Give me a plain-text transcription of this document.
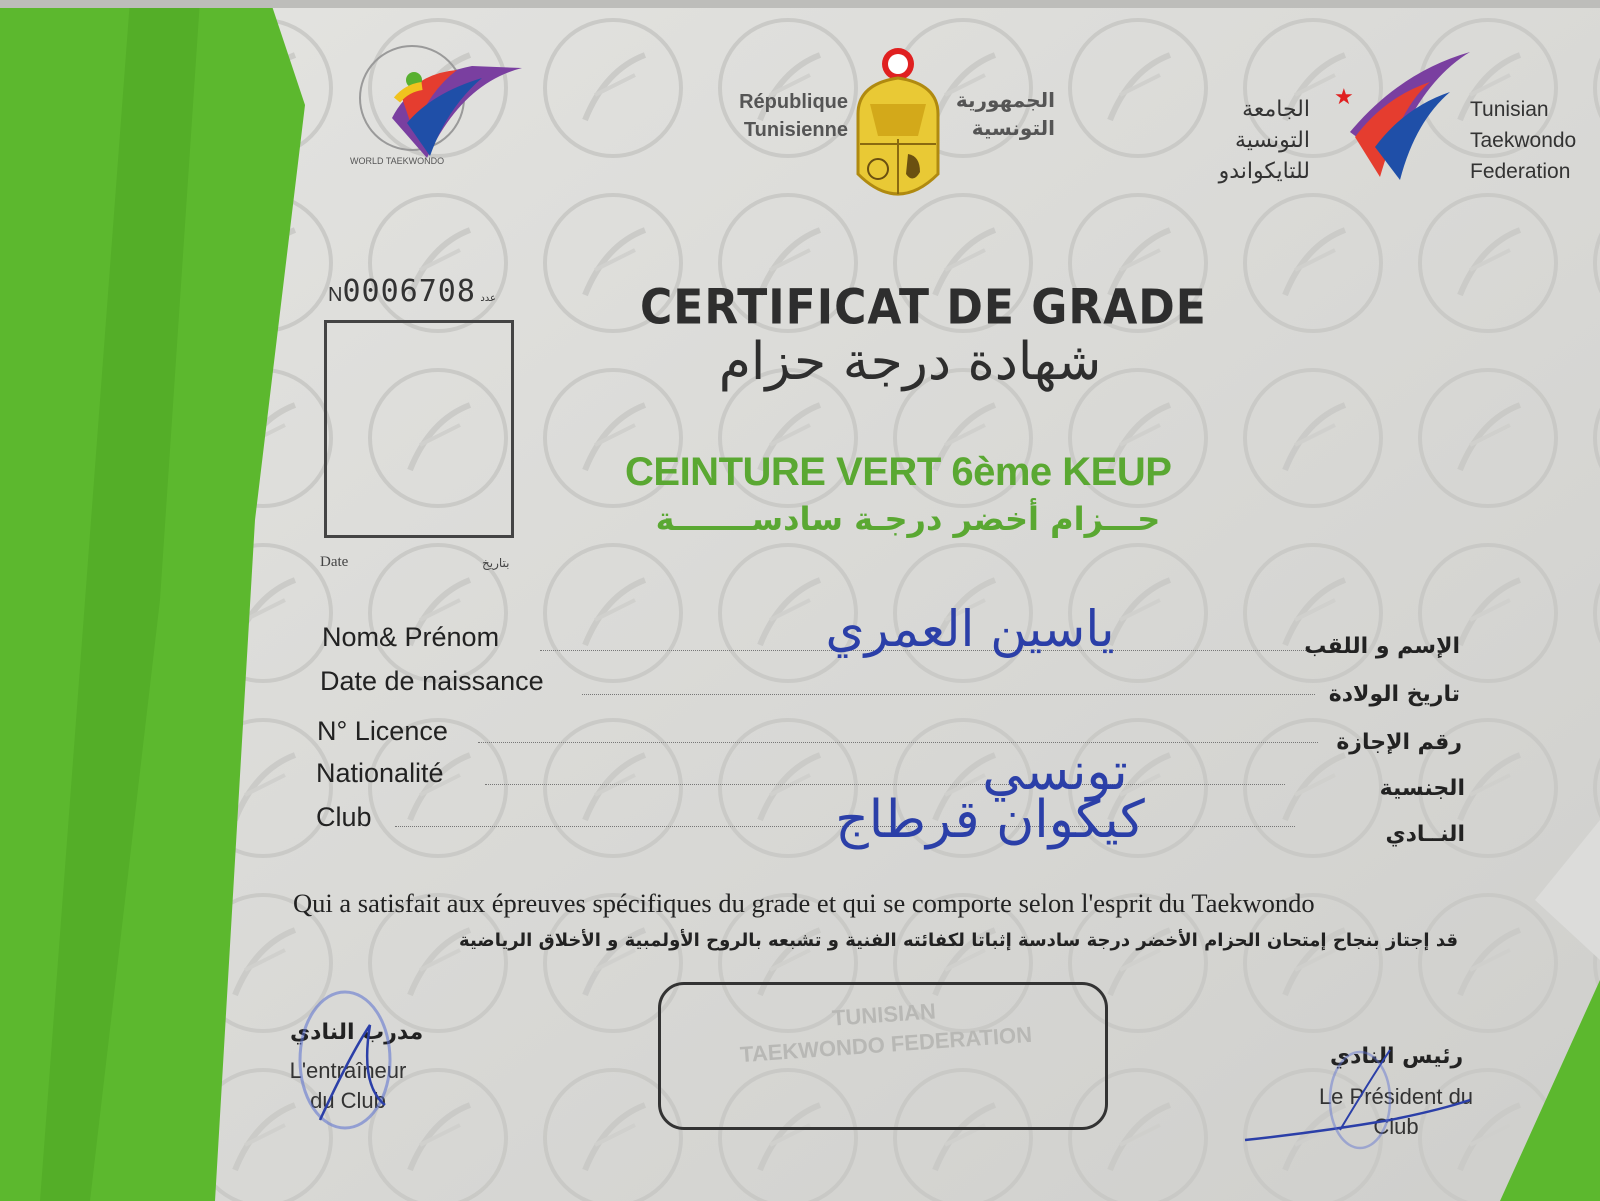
WORLD TAEKWONDO
République
Tunisienne
الجمهورية
التونسية
الجامعة
التونسية
للتايكواندو
★	Tunisian
Taekwondo
Federation
N0006708 عدد
Date	بتاريخ
CERTIFICAT DE GRADE
شهادة درجة حزام
CEINTURE VERT 6ème KEUP
حـــزام أخضر درجـة سادســـــــة
Nom& Prénom	ياسين العمري	الإسم و اللقب
Date de naissance	تاريخ الولادة
N° Licence	رقم الإجازة
Nationalité	تونسي	الجنسية
Club	كيكوان قرطاج	النــادي
Qui a satisfait aux épreuves spécifiques du grade et qui se comporte selon l'esprit du Taekwondo
قد إجتاز بنجاح إمتحان الحزام الأخضر درجة سادسة إثباتا لكفائته الفنية و تشبعه بالروح الأولمبية و الأخلاق الرياضية
مدرب النادي
L'entraîneur
du Club
TUNISIAN
TAEKWONDO FEDERATION	رئيس النادي
Le Président du
Club
